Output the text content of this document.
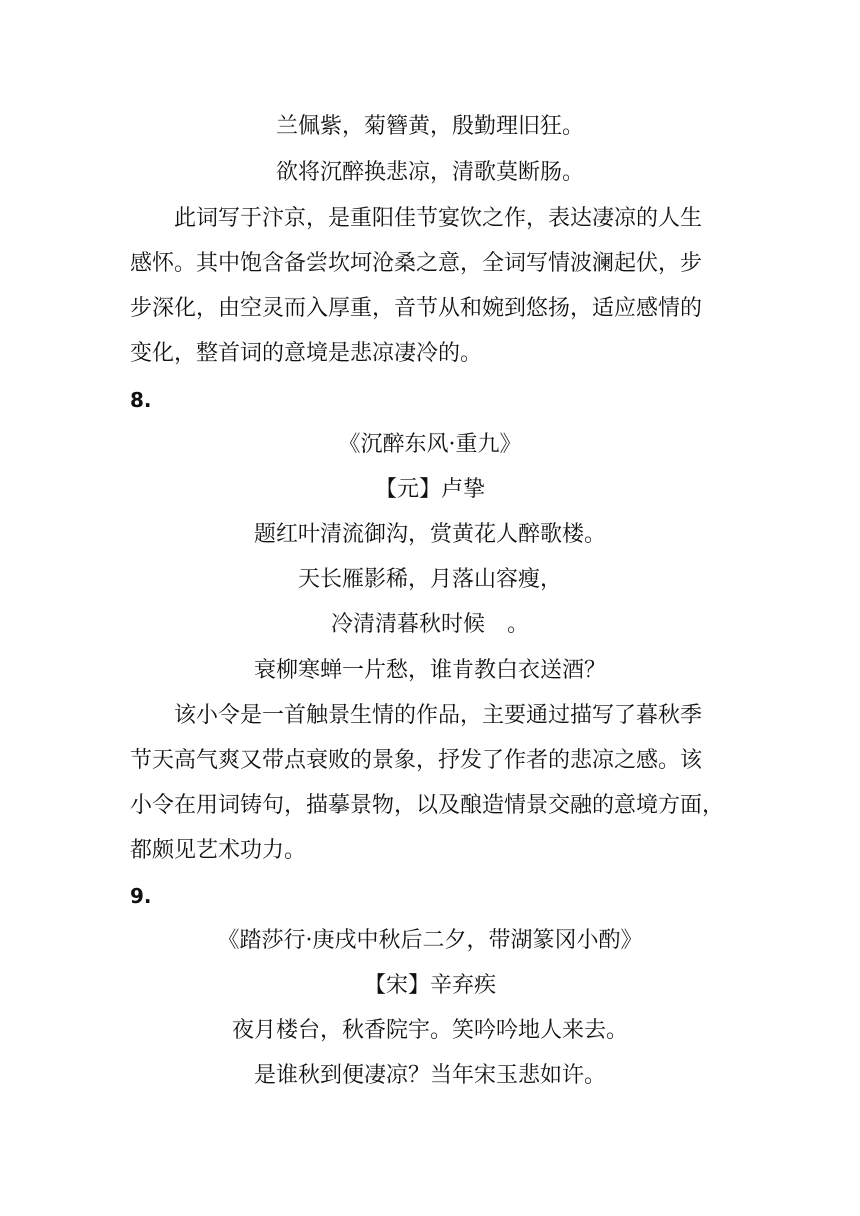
兰佩紫，菊簪黄，殷勤理旧狂。
欲将沉醉换悲凉，清歌莫断肠。
　　此词写于汴京，是重阳佳节宴饮之作，表达凄凉的人生
感怀。其中饱含备尝坎坷沧桑之意，全词写情波澜起伏，步
步深化，由空灵而入厚重，音节从和婉到悠扬，适应感情的
变化，整首词的意境是悲凉凄冷的。
8.
《沉醉东风·重九》
【元】卢挚
题红叶清流御沟，赏黄花人醉歌楼。
天长雁影稀，月落山容瘦，
冷清清暮秋时候　。
衰柳寒蝉一片愁，谁肯教白衣送酒？
　　该小令是一首触景生情的作品，主要通过描写了暮秋季
节天高气爽又带点衰败的景象，抒发了作者的悲凉之感。该
小令在用词铸句，描摹景物，以及酿造情景交融的意境方面，
都颇见艺术功力。
9.
《踏莎行·庚戌中秋后二夕，带湖篆冈小酌》
【宋】辛弃疾
夜月楼台，秋香院宇。笑吟吟地人来去。
是谁秋到便凄凉？当年宋玉悲如许。
